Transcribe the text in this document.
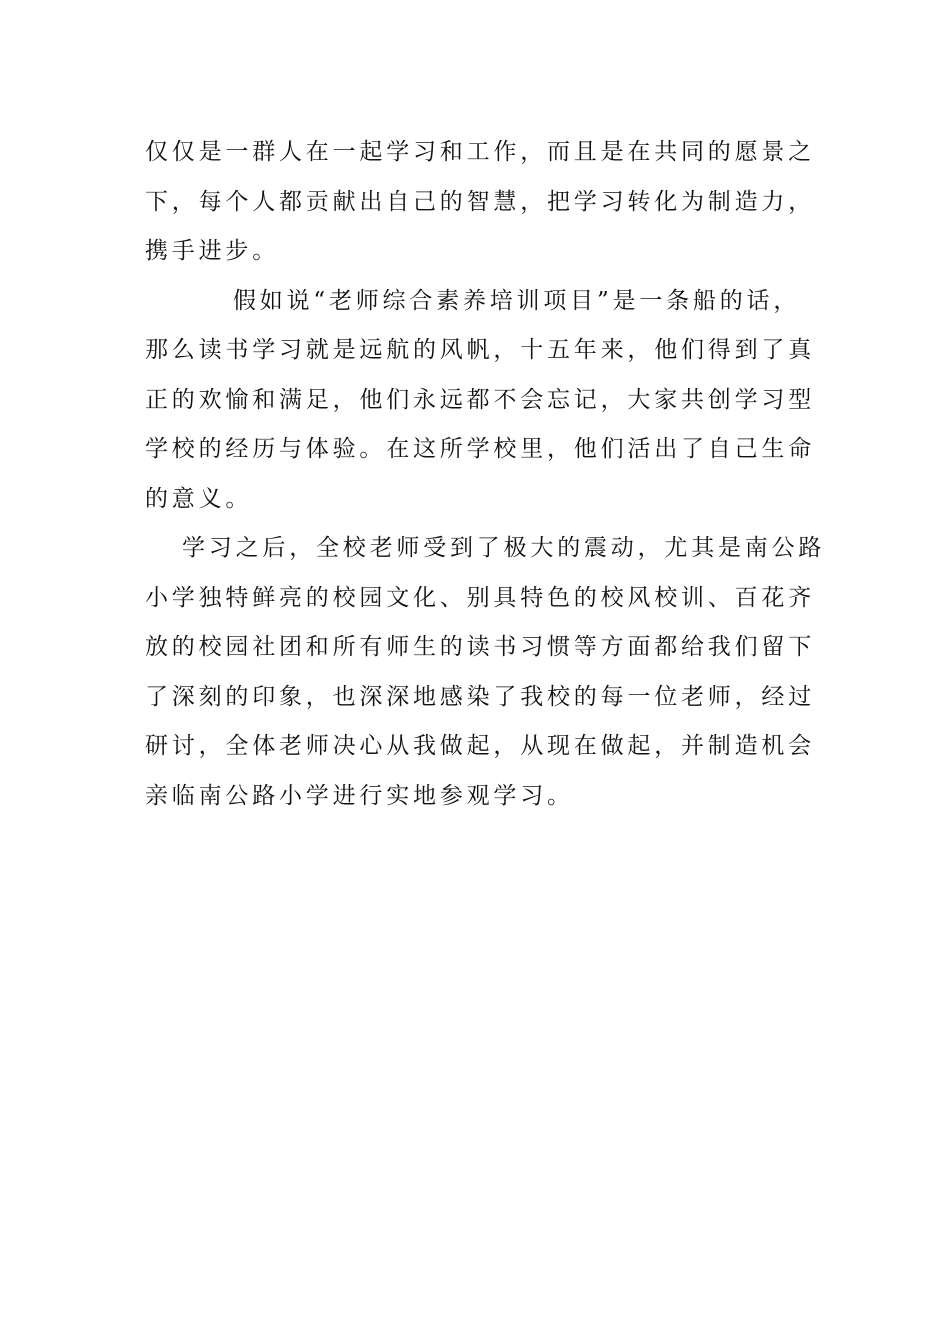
仅仅是一群人在一起学习和工作，而且是在共同的愿景之
下，每个人都贡献出自己的智慧，把学习转化为制造力，
携手进步。
假如说“老师综合素养培训项目”是一条船的话，
那么读书学习就是远航的风帆，十五年来，他们得到了真
正的欢愉和满足，他们永远都不会忘记，大家共创学习型
学校的经历与体验。在这所学校里，他们活出了自己生命
的意义。
学习之后，全校老师受到了极大的震动，尤其是南公路
小学独特鲜亮的校园文化、别具特色的校风校训、百花齐
放的校园社团和所有师生的读书习惯等方面都给我们留下
了深刻的印象，也深深地感染了我校的每一位老师，经过
研讨，全体老师决心从我做起，从现在做起，并制造机会
亲临南公路小学进行实地参观学习。
